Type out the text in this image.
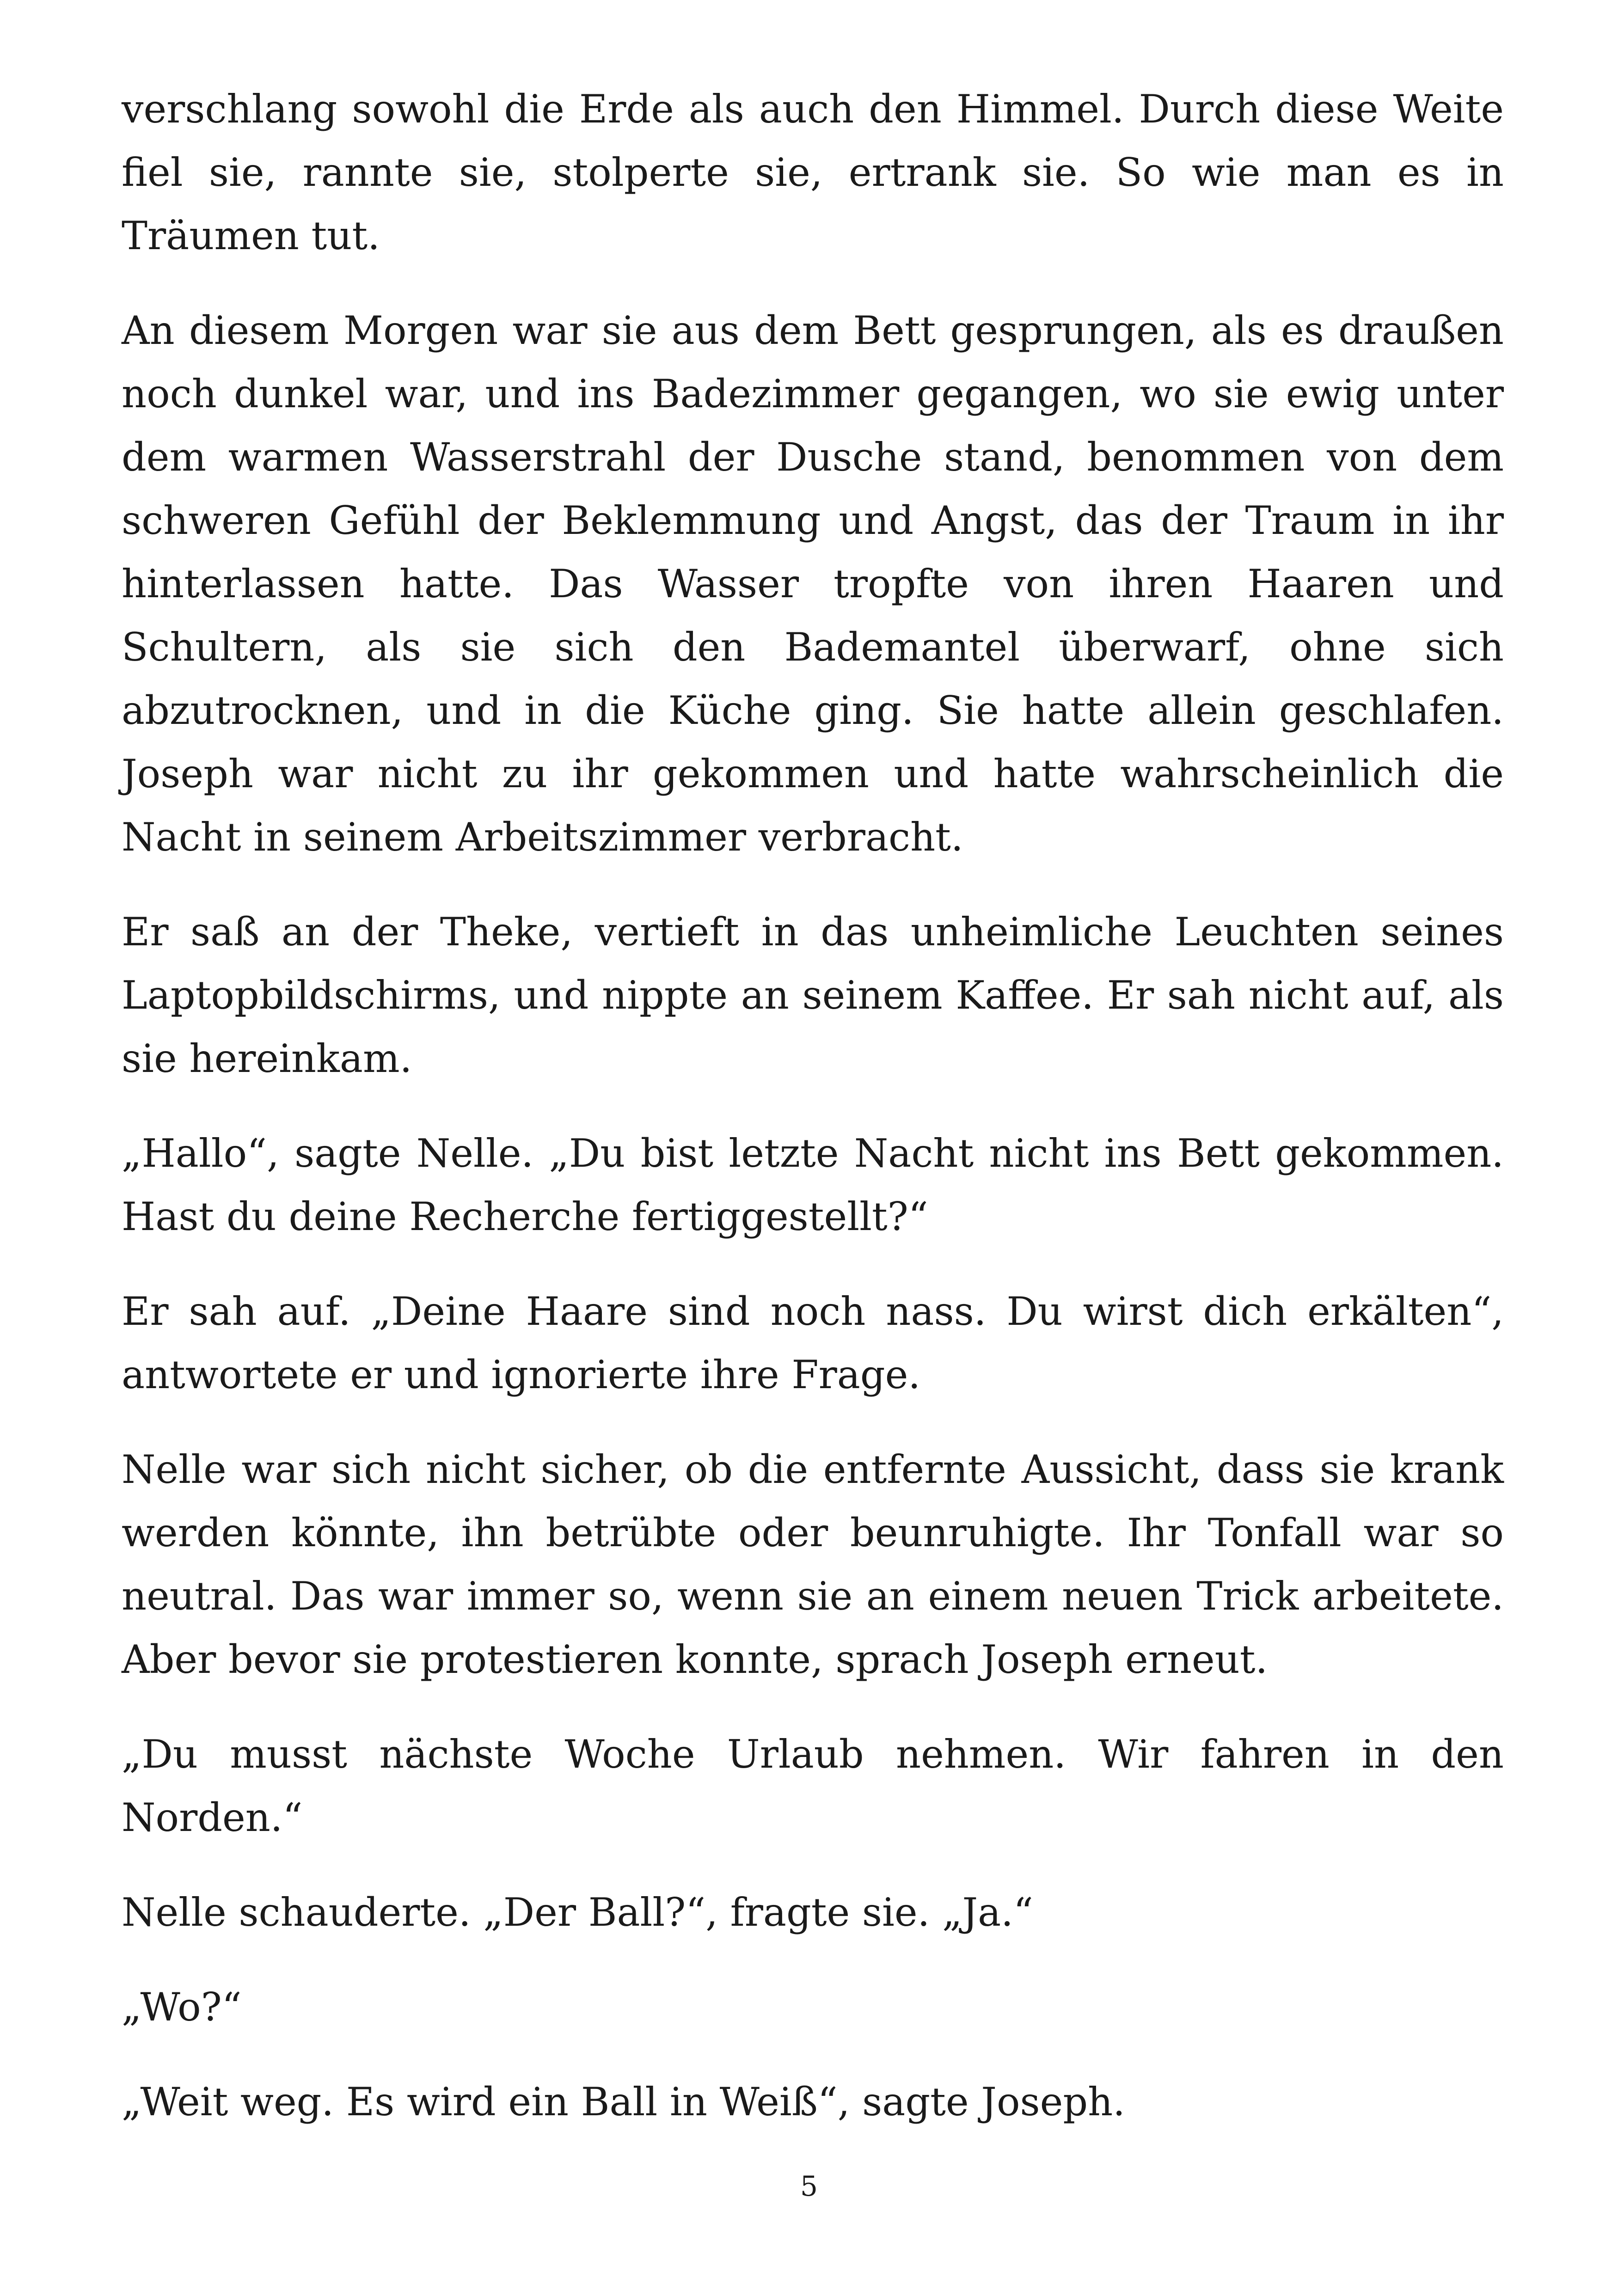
verschlang sowohl die Erde als auch den Himmel. Durch diese Weite fiel sie, rannte sie, stolperte sie, ertrank sie. So wie man es in Träumen tut.

An diesem Morgen war sie aus dem Bett gesprungen, als es draußen noch dunkel war, und ins Badezimmer gegangen, wo sie ewig unter dem warmen Wasserstrahl der Dusche stand, benommen von dem schweren Gefühl der Beklemmung und Angst, das der Traum in ihr hinterlassen hatte. Das Wasser tropfte von ihren Haaren und Schultern, als sie sich den Bademantel überwarf, ohne sich abzutrocknen, und in die Küche ging. Sie hatte allein geschlafen. Joseph war nicht zu ihr gekommen und hatte wahrscheinlich die Nacht in seinem Arbeitszimmer verbracht.

Er saß an der Theke, vertieft in das unheimliche Leuchten seines Laptopbildschirms, und nippte an seinem Kaffee. Er sah nicht auf, als sie hereinkam.

„Hallo“, sagte Nelle. „Du bist letzte Nacht nicht ins Bett gekommen. Hast du deine Recherche fertiggestellt?“

Er sah auf. „Deine Haare sind noch nass. Du wirst dich erkälten“, antwortete er und ignorierte ihre Frage.

Nelle war sich nicht sicher, ob die entfernte Aussicht, dass sie krank werden könnte, ihn betrübte oder beunruhigte. Ihr Tonfall war so neutral. Das war immer so, wenn sie an einem neuen Trick arbeitete. Aber bevor sie protestieren konnte, sprach Joseph erneut.

„Du musst nächste Woche Urlaub nehmen. Wir fahren in den Norden.“

Nelle schauderte. „Der Ball?“, fragte sie. „Ja.“

„Wo?“

„Weit weg. Es wird ein Ball in Weiß“, sagte Joseph.

5
